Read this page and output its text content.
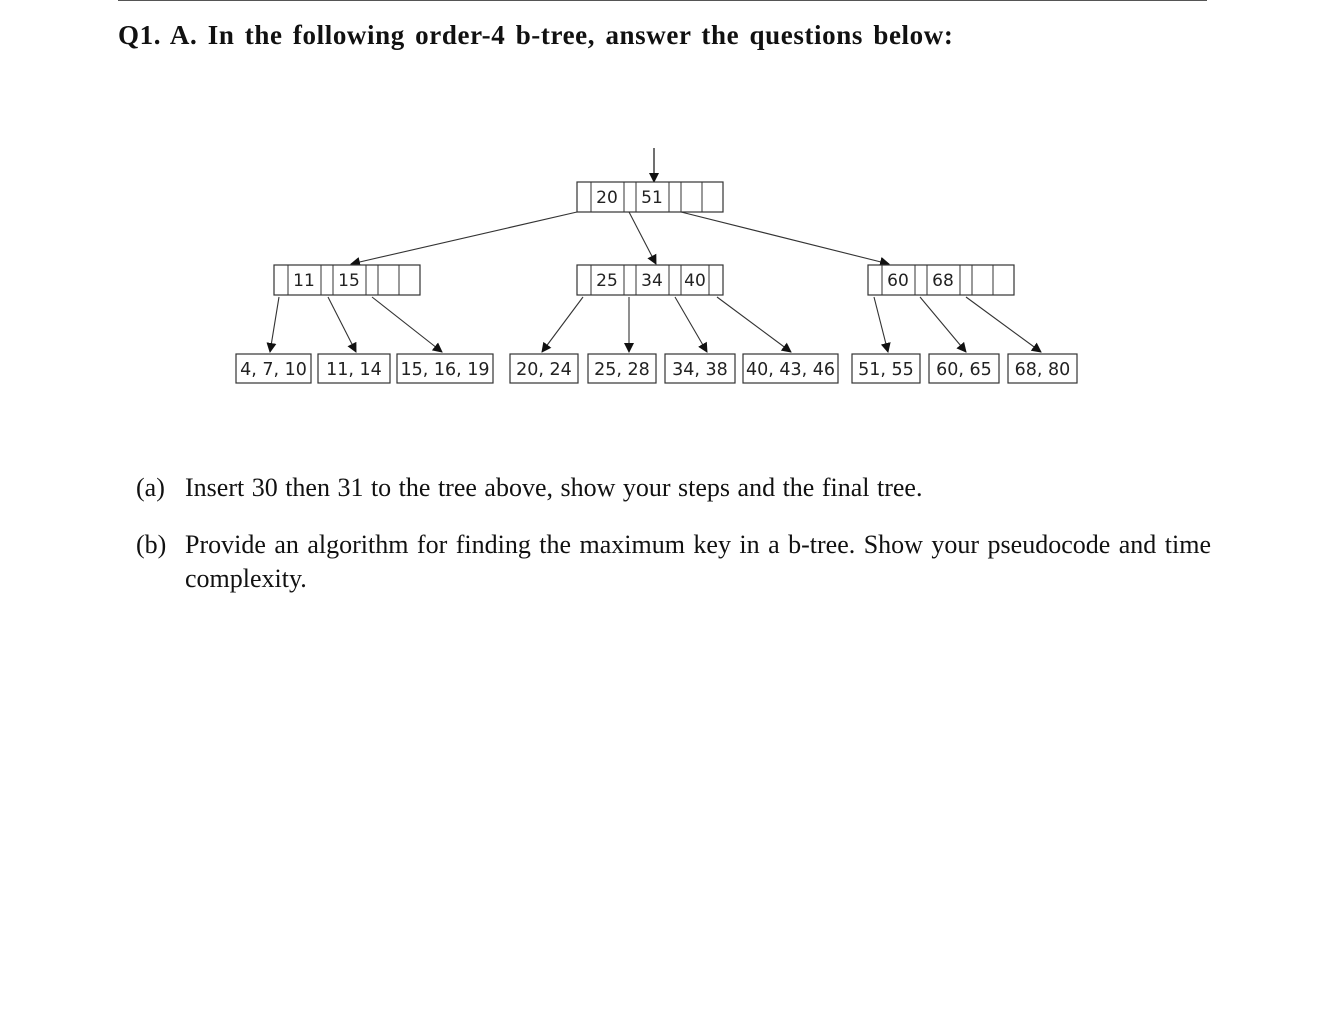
Q1. A. In the following order-4 b-tree, answer the questions below:
20 51
11 15	25 34 40	60 68
4, 7, 10 11, 14 15, 16, 19 20, 24 25, 28 34, 38 40, 43, 46 51, 55 60, 65 68, 80
(a) Insert 30 then 31 to the tree above, show your steps and the final tree.
(b) Provide an algorithm for finding the maximum key in a b-tree. Show your pseudocode and time complexity.
